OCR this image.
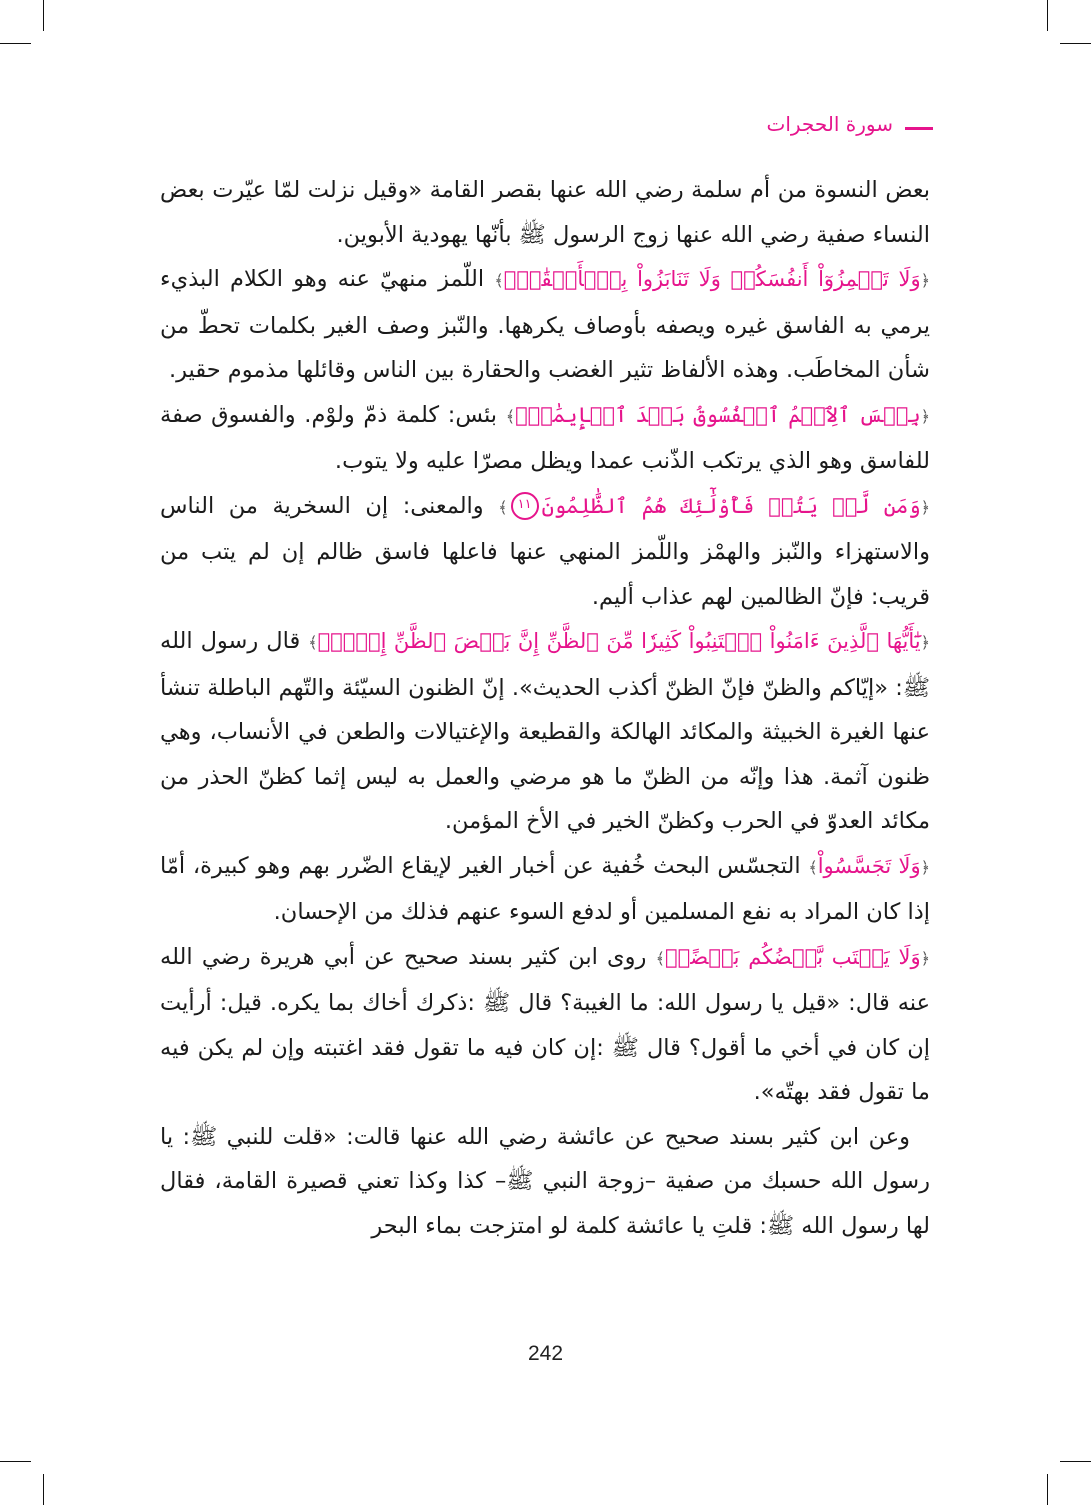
سورة الحجرات

بعض النسوة من أم سلمة رضي الله عنها بقصر القامة «وقيل نزلت لمّا عيّرت بعض النساء صفية رضي الله عنها زوج الرسول ﷺ بأنّها يهودية الأبوين.

﴿وَلَا تَلۡمِزُوٓاْ أَنفُسَكُمۡ وَلَا تَنَابَزُواْ بِٱلۡأَلۡقَٰبِۖ﴾ اللّمز منهيّ عنه وهو الكلام البذيء يرمي به الفاسق غيره ويصفه بأوصاف يكرهها. والنّبز وصف الغير بكلمات تحطّ من شأن المخاطَب. وهذه الألفاظ تثير الغضب والحقارة بين الناس وقائلها مذموم حقير.

﴿بِئۡسَ ٱلِٱسۡمُ ٱلۡفُسُوقُ بَعۡدَ ٱلۡإِيمَٰنِۚ﴾ بئس: كلمة ذمّ ولوْم. والفسوق صفة للفاسق وهو الذي يرتكب الذّنب عمدا ويظل مصرّا عليه ولا يتوب.

﴿وَمَن لَّمۡ يَتُبۡ فَأُوْلَٰٓئِكَ هُمُ ٱلظَّٰلِمُونَ١١﴾ والمعنى: إن السخرية من الناس والاستهزاء والنّبز والهمْز واللّمز المنهي عنها فاعلها فاسق ظالم إن لم يتب من قريب: فإنّ الظالمين لهم عذاب أليم.

﴿يَٰٓأَيُّهَا ٱلَّذِينَ ءَامَنُواْ ٱجۡتَنِبُواْ كَثِيرٗا مِّنَ ٱلظَّنِّ إِنَّ بَعۡضَ ٱلظَّنِّ إِثۡمٞۖ﴾ قال رسول الله ﷺ: «إيّاكم والظنّ فإنّ الظنّ أكذب الحديث». إنّ الظنون السيّئة والتّهم الباطلة تنشأ عنها الغيرة الخبيثة والمكائد الهالكة والقطيعة والإغتيالات والطعن في الأنساب، وهي ظنون آثمة. هذا وإنّه من الظنّ ما هو مرضي والعمل به ليس إثما كظنّ الحذر من مكائد العدوّ في الحرب وكظنّ الخير في الأخ المؤمن.

﴿وَلَا تَجَسَّسُواْ﴾ التجسّس البحث خُفية عن أخبار الغير لإيقاع الضّرر بهم وهو كبيرة، أمّا إذا كان المراد به نفع المسلمين أو لدفع السوء عنهم فذلك من الإحسان.

﴿وَلَا يَغۡتَب بَّعۡضُكُم بَعۡضًاۚ﴾ روى ابن كثير بسند صحيح عن أبي هريرة رضي الله عنه قال: «قيل يا رسول الله: ما الغيبة؟ قال ﷺ :ذكرك أخاك بما يكره. قيل: أرأيت إن كان في أخي ما أقول؟ قال ﷺ :إن كان فيه ما تقول فقد اغتبته وإن لم يكن فيه ما تقول فقد بهتّه».

وعن ابن كثير بسند صحيح عن عائشة رضي الله عنها قالت: «قلت للنبي ﷺ: يا رسول الله حسبك من صفية –زوجة النبي ﷺ– كذا وكذا تعني قصيرة القامة، فقال لها رسول الله ﷺ: قلتِ يا عائشة كلمة لو امتزجت بماء البحر

242
